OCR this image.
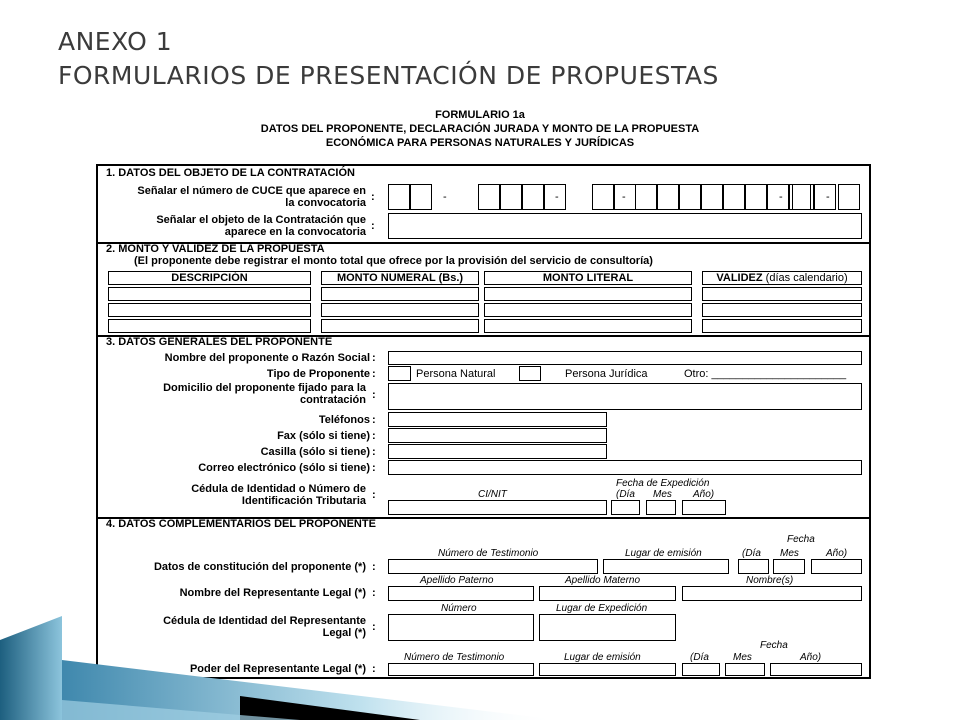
ANEXO 1
FORMULARIOS DE PRESENTACIÓN DE PROPUESTAS
FORMULARIO 1a
DATOS DEL PROPONENTE, DECLARACIÓN JURADA Y MONTO DE LA PROPUESTA
ECONÓMICA PARA PERSONAS NATURALES Y JURÍDICAS
1. DATOS DEL OBJETO DE LA CONTRATACIÓN
Señalar el número de CUCE que aparece en
la convocatoria :	-	-	-	-	-
Señalar el objeto de la Contratación que
aparece en la convocatoria :
2. MONTO Y VALIDEZ DE LA PROPUESTA
(El proponente debe registrar el monto total que ofrece por la provisión del servicio de consultoría)
DESCRIPCIÓN	MONTO NUMERAL (Bs.)	MONTO LITERAL	VALIDEZ (días calendario)
3. DATOS GENERALES DEL PROPONENTE
Nombre del proponente o Razón Social :
Tipo de Proponente :	Persona Natural	Persona Jurídica	Otro: ______________________
Domicilio del proponente fijado para la
contratación :
Teléfonos :
Fax (sólo si tiene) :
Casilla (sólo si tiene) :
Correo electrónico (sólo si tiene) :
Fecha de Expedición
Cédula de Identidad o Número de
Identificación Tributaria :	CI/NIT	(Día Mes Año)
4. DATOS COMPLEMENTARIOS DEL PROPONENTE
Fecha
Número de Testimonio	Lugar de emisión	(Día Mes	Año)
Datos de constitución del proponente (*) :
Apellido Paterno	Apellido Materno	Nombre(s)
Nombre del Representante Legal (*) :
Número	Lugar de Expedición
Cédula de Identidad del Representante
Legal (*) :
Fecha
Número de Testimonio	Lugar de emisión	(Día Mes	Año)
Poder del Representante Legal (*) :
